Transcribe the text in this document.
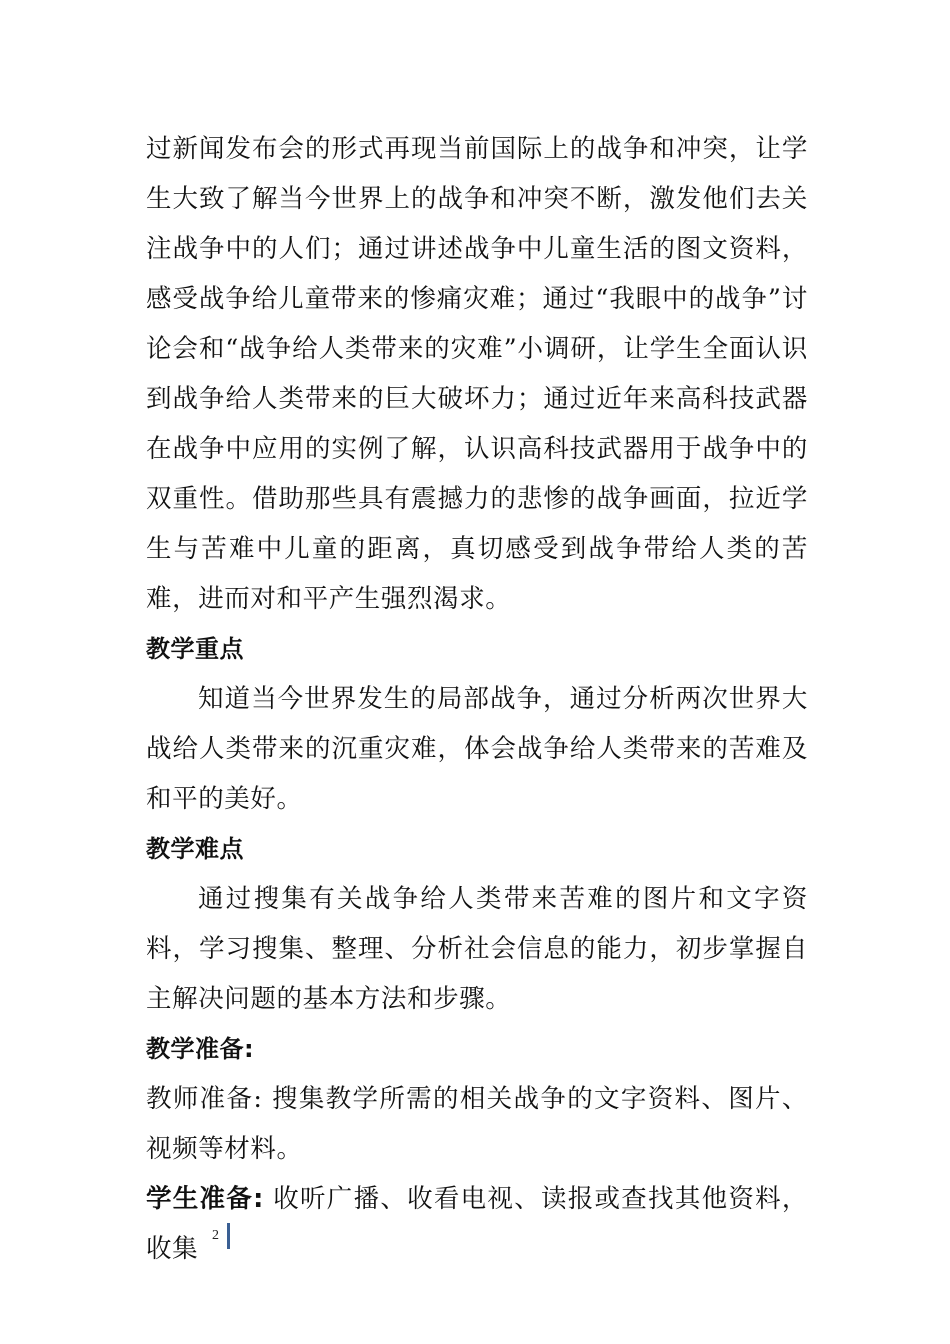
过新闻发布会的形式再现当前国际上的战争和冲突，让学生大致了解当今世界上的战争和冲突不断，激发他们去关注战争中的人们；通过讲述战争中儿童生活的图文资料，感受战争给儿童带来的惨痛灾难；通过“我眼中的战争”讨论会和“战争给人类带来的灾难”小调研，让学生全面认识到战争给人类带来的巨大破坏力；通过近年来高科技武器在战争中应用的实例了解，认识高科技武器用于战争中的双重性。借助那些具有震撼力的悲惨的战争画面，拉近学生与苦难中儿童的距离，真切感受到战争带给人类的苦难，进而对和平产生强烈渴求。

教学重点

知道当今世界发生的局部战争，通过分析两次世界大战给人类带来的沉重灾难，体会战争给人类带来的苦难及和平的美好。

教学难点

通过搜集有关战争给人类带来苦难的图片和文字资料，学习搜集、整理、分析社会信息的能力，初步掌握自主解决问题的基本方法和步骤。

教学准备:

教师准备: 搜集教学所需的相关战争的文字资料、图片、视频等材料。

学生准备: 收听广播、收看电视、读报或查找其他资料，收集 2
